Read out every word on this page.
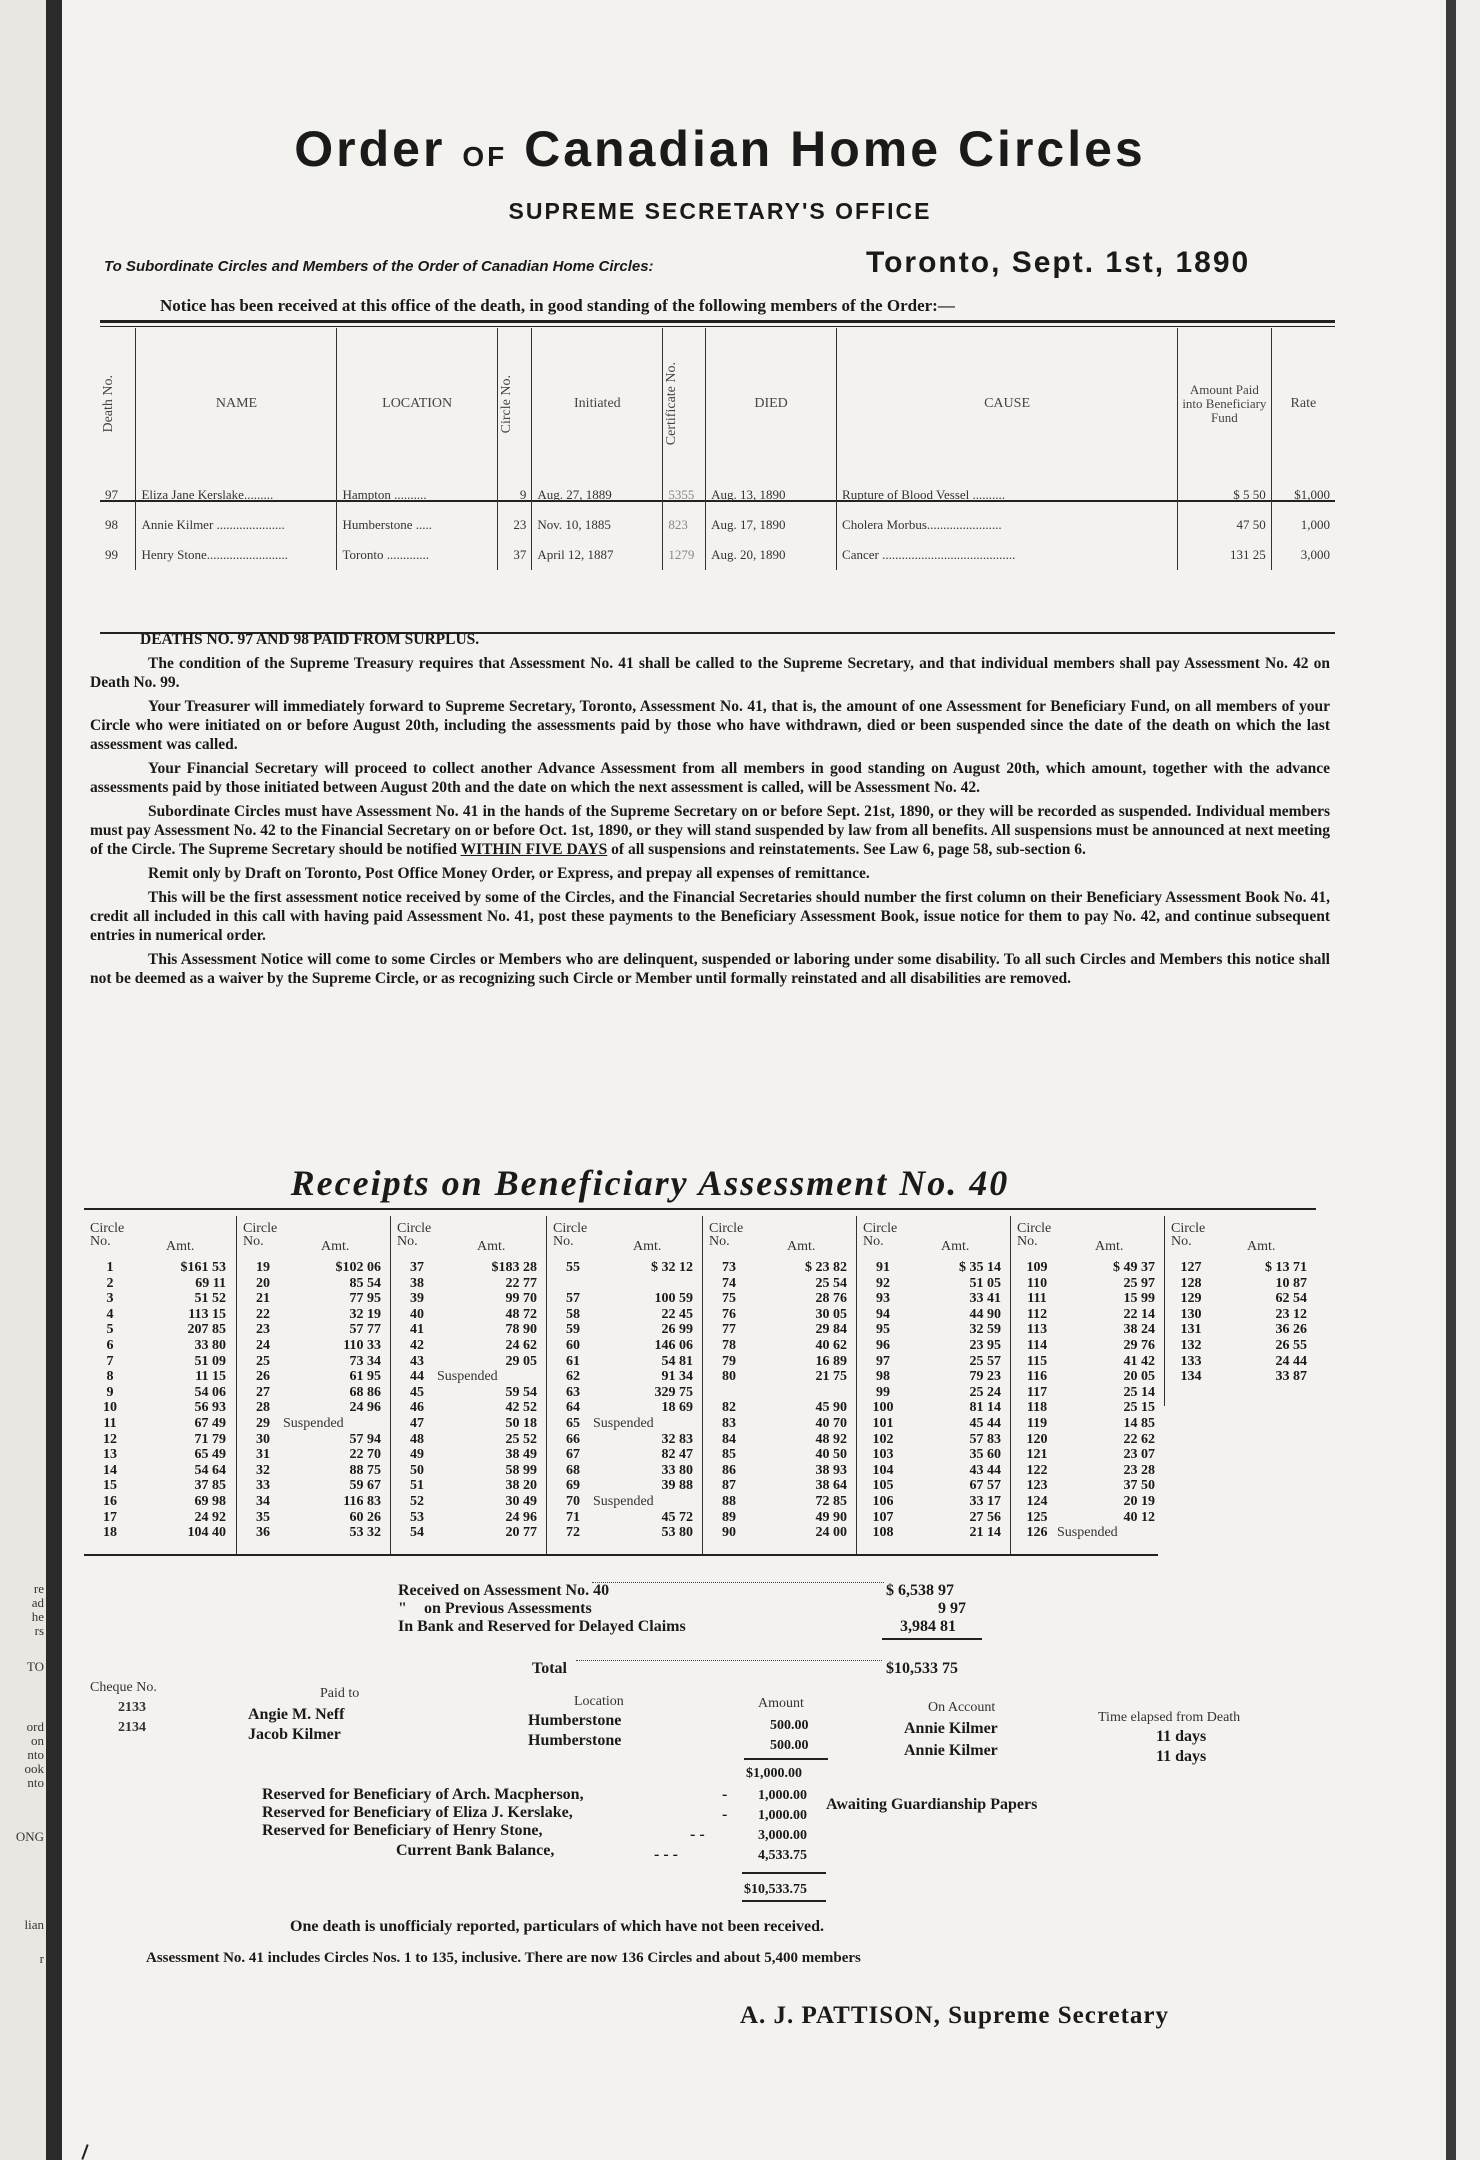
re
ad
he
rs
TO
ord
on
nto
ook
nto
ONG
lian
r
Order of Canadian Home Circles
SUPREME SECRETARY'S OFFICE
To Subordinate Circles and Members of the Order of Canadian Home Circles:	Toronto, Sept. 1st, 1890
Notice has been received at this office of the death, in good standing of the following members of the Order:—
Death No.	NAME	LOCATION	Circle No.	Initiated	Certificate No.	DIED	CAUSE	Amount Paid into Beneficiary Fund	Rate
97	Eliza Jane Kerslake.........	Hampton ..........	9	Aug. 27, 1889	5355	Aug. 13, 1890	Rupture of Blood Vessel ..........	$ 5 50	$1,000
98	Annie Kilmer .....................	Humberstone .....	23	Nov. 10, 1885	823	Aug. 17, 1890	Cholera Morbus.......................	47 50	1,000
99	Henry Stone.........................	Toronto .............	37	April 12, 1887	1279	Aug. 20, 1890	Cancer .........................................	131 25	3,000

DEATHS NO. 97 AND 98 PAID FROM SURPLUS.

The condition of the Supreme Treasury requires that Assessment No. 41 shall be called to the Supreme Secretary, and that individual members shall pay Assessment No. 42 on Death No. 99.

Your Treasurer will immediately forward to Supreme Secretary, Toronto, Assessment No. 41, that is, the amount of one Assessment for Beneficiary Fund, on all members of your Circle who were initiated on or before August 20th, including the assessments paid by those who have withdrawn, died or been suspended since the date of the death on which the last assessment was called.

Your Financial Secretary will proceed to collect another Advance Assessment from all members in good standing on August 20th, which amount, together with the advance assessments paid by those initiated between August 20th and the date on which the next assessment is called, will be Assessment No. 42.

Subordinate Circles must have Assessment No. 41 in the hands of the Supreme Secretary on or before Sept. 21st, 1890, or they will be recorded as suspended. Individual members must pay Assessment No. 42 to the Financial Secretary on or before Oct. 1st, 1890, or they will stand suspended by law from all benefits. All suspensions must be announced at next meeting of the Circle. The Supreme Secretary should be notified WITHIN FIVE DAYS of all suspensions and reinstatements. See Law 6, page 58, sub-section 6.

Remit only by Draft on Toronto, Post Office Money Order, or Express, and prepay all expenses of remittance.

This will be the first assessment notice received by some of the Circles, and the Financial Secretaries should number the first column on their Beneficiary Assessment Book No. 41, credit all included in this call with having paid Assessment No. 41, post these payments to the Beneficiary Assessment Book, issue notice for them to pay No. 42, and continue subsequent entries in numerical order.

This Assessment Notice will come to some Circles or Members who are delinquent, suspended or laboring under some disability. To all such Circles and Members this notice shall not be deemed as a waiver by the Supreme Circle, or as recognizing such Circle or Member until formally reinstated and all disabilities are removed.

Receipts on Beneficiary Assessment No. 40
Circle No.	Amt.
1	$161 53
2	69 11
3	51 52
4	113 15
5	207 85
6	33 80
7	51 09
8	11 15
9	54 06
10	56 93
11	67 49
12	71 79
13	65 49
14	54 64
15	37 85
16	69 98
17	24 92
18	104 40
Circle No.	Amt.
19	$102 06
20	85 54
21	77 95
22	32 19
23	57 77
24	110 33
25	73 34
26	61 95
27	68 86
28	24 96
29 Suspended
30	57 94
31	22 70
32	88 75
33	59 67
34	116 83
35	60 26
36	53 32
Circle No.	Amt.
37	$183 28
38	22 77
39	99 70
40	48 72
41	78 90
42	24 62
43	29 05
44 Suspended
45	59 54
46	42 52
47	50 18
48	25 52
49	38 49
50	58 99
51	38 20
52	30 49
53	24 96
54	20 77
Circle No.	Amt.
55	$ 32 12
57	100 59
58	22 45
59	26 99
60	146 06
61	54 81
62	91 34
63	329 75
64	18 69
65 Suspended
66	32 83
67	82 47
68	33 80
69	39 88
70 Suspended
71	45 72
72	53 80
Circle No.	Amt.
73	$ 23 82
74	25 54
75	28 76
76	30 05
77	29 84
78	40 62
79	16 89
80	21 75
82	45 90
83	40 70
84	48 92
85	40 50
86	38 93
87	38 64
88	72 85
89	49 90
90	24 00
Circle No.	Amt.
91	$ 35 14
92	51 05
93	33 41
94	44 90
95	32 59
96	23 95
97	25 57
98	79 23
99	25 24
100	81 14
101	45 44
102	57 83
103	35 60
104	43 44
105	67 57
106	33 17
107	27 56
108	21 14
Circle No.	Amt.
109	$ 49 37
110	25 97
111	15 99
112	22 14
113	38 24
114	29 76
115	41 42
116	20 05
117	25 14
118	25 15
119	14 85
120	22 62
121	23 07
122	23 28
123	37 50
124	20 19
125	40 12
126 Suspended
Circle No.	Amt.
127	$ 13 71
128	10 87
129	62 54
130	23 12
131	36 26
132	26 55
133	24 44
134	33 87
Received on Assessment No. 40	$ 6,538 97
" on Previous Assessments	9 97
In Bank and Reserved for Delayed Claims	3,984 81
Total	$10,533 75
Cheque No.	Paid to
Location	Amount	On Account
Time elapsed from Death
2133	Angie M. Neff	Humberstone	500.00	Annie Kilmer	11 days
2134	Jacob Kilmer	Humberstone	500.00	Annie Kilmer	11 days
$1,000.00
Reserved for Beneficiary of Arch. Macpherson,	- 1,000.00
Awaiting Guardianship Papers
Reserved for Beneficiary of Eliza J. Kerslake,	- 1,000.00
Reserved for Beneficiary of Henry Stone,	- -	3,000.00
Current Bank Balance,	- - -	4,533.75
$10,533.75
One death is unofficialy reported, particulars of which have not been received.
Assessment No. 41 includes Circles Nos. 1 to 135, inclusive. There are now 136 Circles and about 5,400 members
A. J. PATTISON, Supreme Secretary
